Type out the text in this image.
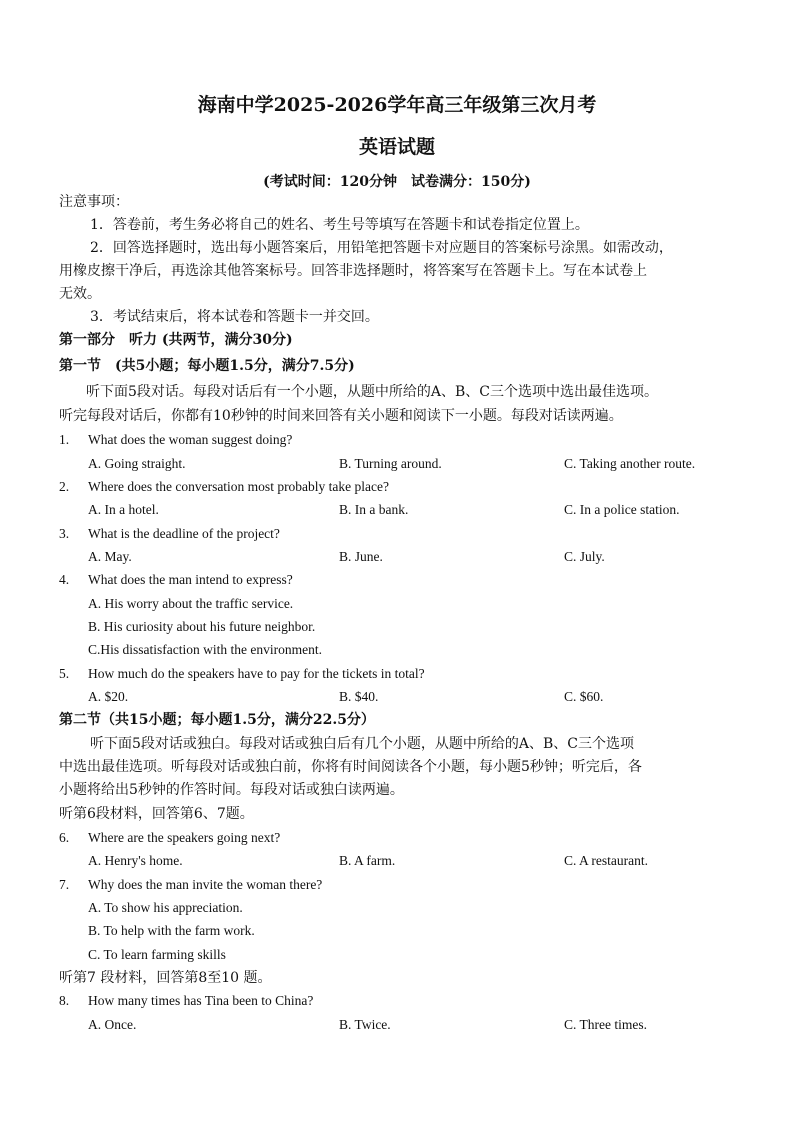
海南中学2025-2026学年高三年级第三次月考
英语试题
(考试时间：120分钟　试卷满分：150分)
注意事项：
1．答卷前，考生务必将自己的姓名、考生号等填写在答题卡和试卷指定位置上。
2．回答选择题时，选出每小题答案后，用铅笔把答题卡对应题目的答案标号涂黑。如需改动，
用橡皮擦干净后，再选涂其他答案标号。回答非选择题时，将答案写在答题卡上。写在本试卷上
无效。
3．考试结束后，将本试卷和答题卡一并交回。
第一部分　听力 (共两节，满分30分)
第一节　(共5小题；每小题1.5分，满分7.5分)
听下面5段对话。每段对话后有一个小题，从题中所给的A、B、C三个选项中选出最佳选项。
听完每段对话后，你都有10秒钟的时间来回答有关小题和阅读下一小题。每段对话读两遍。
1. What does the woman suggest doing?
A. Going straight.	B. Turning around.	C. Taking another route.
2. Where does the conversation most probably take place?
A. In a hotel.	B. In a bank.	C. In a police station.
3. What is the deadline of the project?
A. May.	B. June.	C. July.
4. What does the man intend to express?
A. His worry about the traffic service.
B. His curiosity about his future neighbor.
C.His dissatisfaction with the environment.
5. How much do the speakers have to pay for the tickets in total?
A. $20.	B. $40.	C. $60.
第二节（共15小题；每小题1.5分，满分22.5分）
听下面5段对话或独白。每段对话或独白后有几个小题，从题中所给的A、B、C三个选项
中选出最佳选项。听每段对话或独白前，你将有时间阅读各个小题，每小题5秒钟；听完后，各
小题将给出5秒钟的作答时间。每段对话或独白读两遍。
听第6段材料，回答第6、7题。
6. Where are the speakers going next?
A. Henry's home.	B. A farm.	C. A restaurant.
7. Why does the man invite the woman there?
A. To show his appreciation.
B. To help with the farm work.
C. To learn farming skills
听第7 段材料，回答第8至10 题。
8. How many times has Tina been to China?
A. Once.	B. Twice.	C. Three times.
